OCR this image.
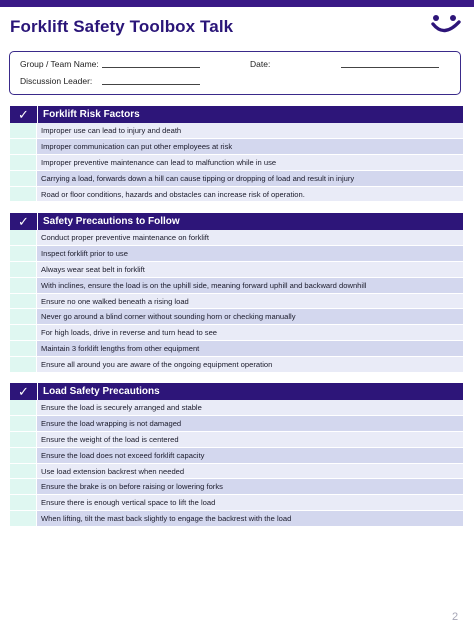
Forklift Safety Toolbox Talk
Group / Team Name:	Date:
Discussion Leader:
✓	Forklift Risk Factors
Improper use can lead to injury and death
Improper communication can put other employees at risk
Improper preventive maintenance can lead to malfunction while in use
Carrying a load, forwards down a hill can cause tipping or dropping of load and result in injury
Road or floor conditions, hazards and obstacles can increase risk of operation.
✓	Safety Precautions to Follow
Conduct proper preventive maintenance on forklift
Inspect forklift prior to use
Always wear seat belt in forklift
With inclines, ensure the load is on the uphill side, meaning forward uphill and backward downhill
Ensure no one walked beneath a rising load
Never go around a blind corner without sounding horn or checking manually
For high loads, drive in reverse and turn head to see
Maintain 3 forklift lengths from other equipment
Ensure all around you are aware of the ongoing equipment operation
✓	Load Safety Precautions
Ensure the load is securely arranged and stable
Ensure the load wrapping is not damaged
Ensure the weight of the load is centered
Ensure the load does not exceed forklift capacity
Use load extension backrest when needed
Ensure the brake is on before raising or lowering forks
Ensure there is enough vertical space to lift the load
When lifting, tilt the mast back slightly to engage the backrest with the load
2
